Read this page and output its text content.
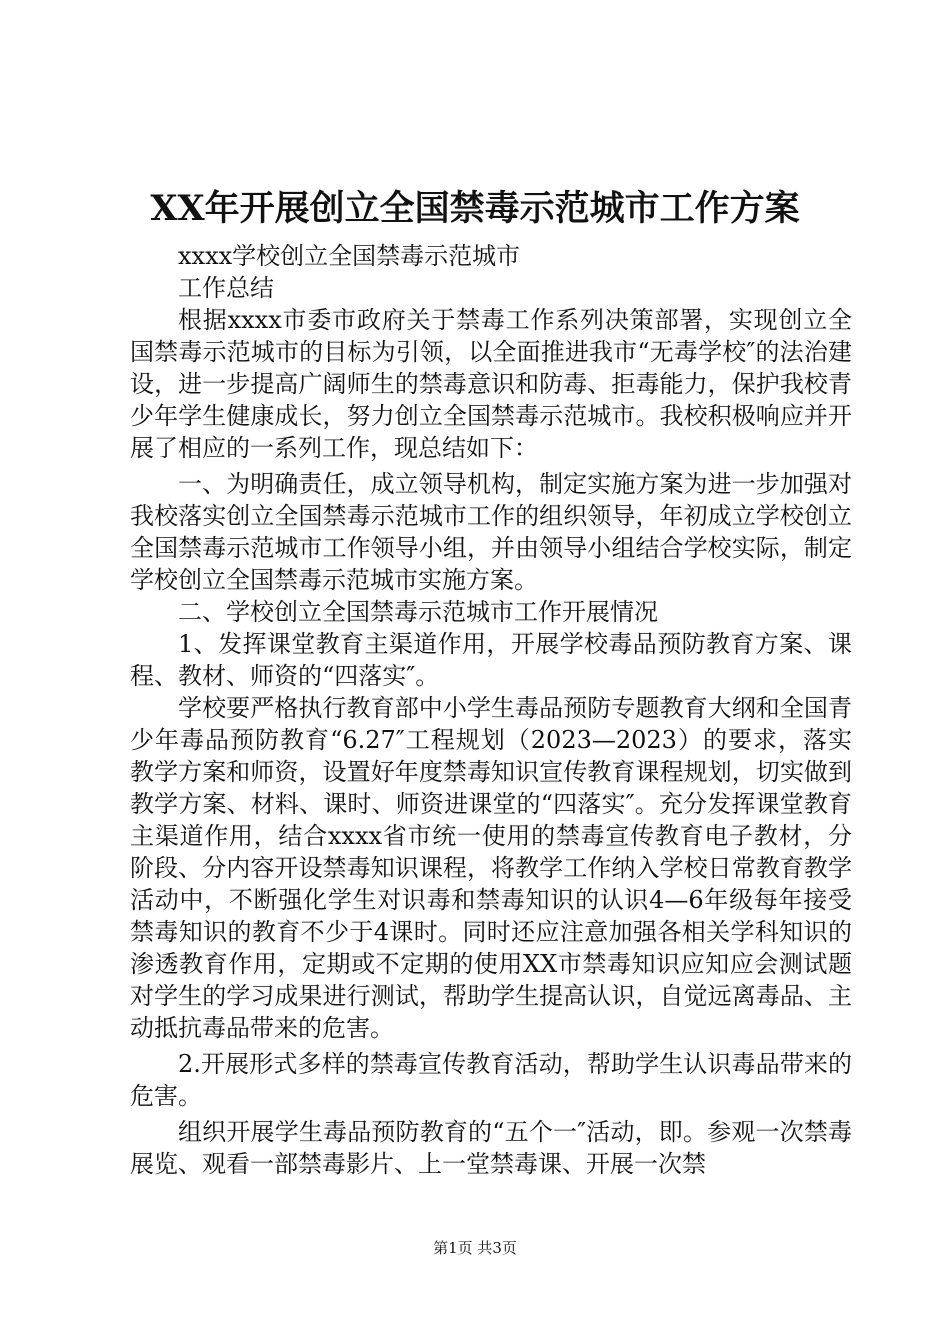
XX年开展创立全国禁毒示范城市工作方案

xxxx学校创立全国禁毒示范城市

工作总结

根据xxxx市委市政府关于禁毒工作系列决策部署，实现创立全国禁毒示范城市的目标为引领，以全面推进我市“无毒学校″的法治建设，进一步提高广阔师生的禁毒意识和防毒、拒毒能力，保护我校青少年学生健康成长，努力创立全国禁毒示范城市。我校积极响应并开展了相应的一系列工作，现总结如下：

一、为明确责任，成立领导机构，制定实施方案为进一步加强对我校落实创立全国禁毒示范城市工作的组织领导，年初成立学校创立全国禁毒示范城市工作领导小组，并由领导小组结合学校实际，制定学校创立全国禁毒示范城市实施方案。

二、学校创立全国禁毒示范城市工作开展情况

1、发挥课堂教育主渠道作用，开展学校毒品预防教育方案、课程、教材、师资的“四落实″。

学校要严格执行教育部中小学生毒品预防专题教育大纲和全国青少年毒品预防教育“6.27″工程规划（2023—2023）的要求，落实教学方案和师资，设置好年度禁毒知识宣传教育课程规划，切实做到教学方案、材料、课时、师资进课堂的“四落实″。充分发挥课堂教育主渠道作用，结合xxxx省市统一使用的禁毒宣传教育电子教材，分阶段、分内容开设禁毒知识课程，将教学工作纳入学校日常教育教学活动中，不断强化学生对识毒和禁毒知识的认识4—6年级每年接受禁毒知识的教育不少于4课时。同时还应注意加强各相关学科知识的渗透教育作用，定期或不定期的使用XX市禁毒知识应知应会测试题对学生的学习成果进行测试，帮助学生提高认识，自觉远离毒品、主动抵抗毒品带来的危害。

2.开展形式多样的禁毒宣传教育活动，帮助学生认识毒品带来的危害。

组织开展学生毒品预防教育的“五个一″活动，即。参观一次禁毒展览、观看一部禁毒影片、上一堂禁毒课、开展一次禁

第1页 共3页
